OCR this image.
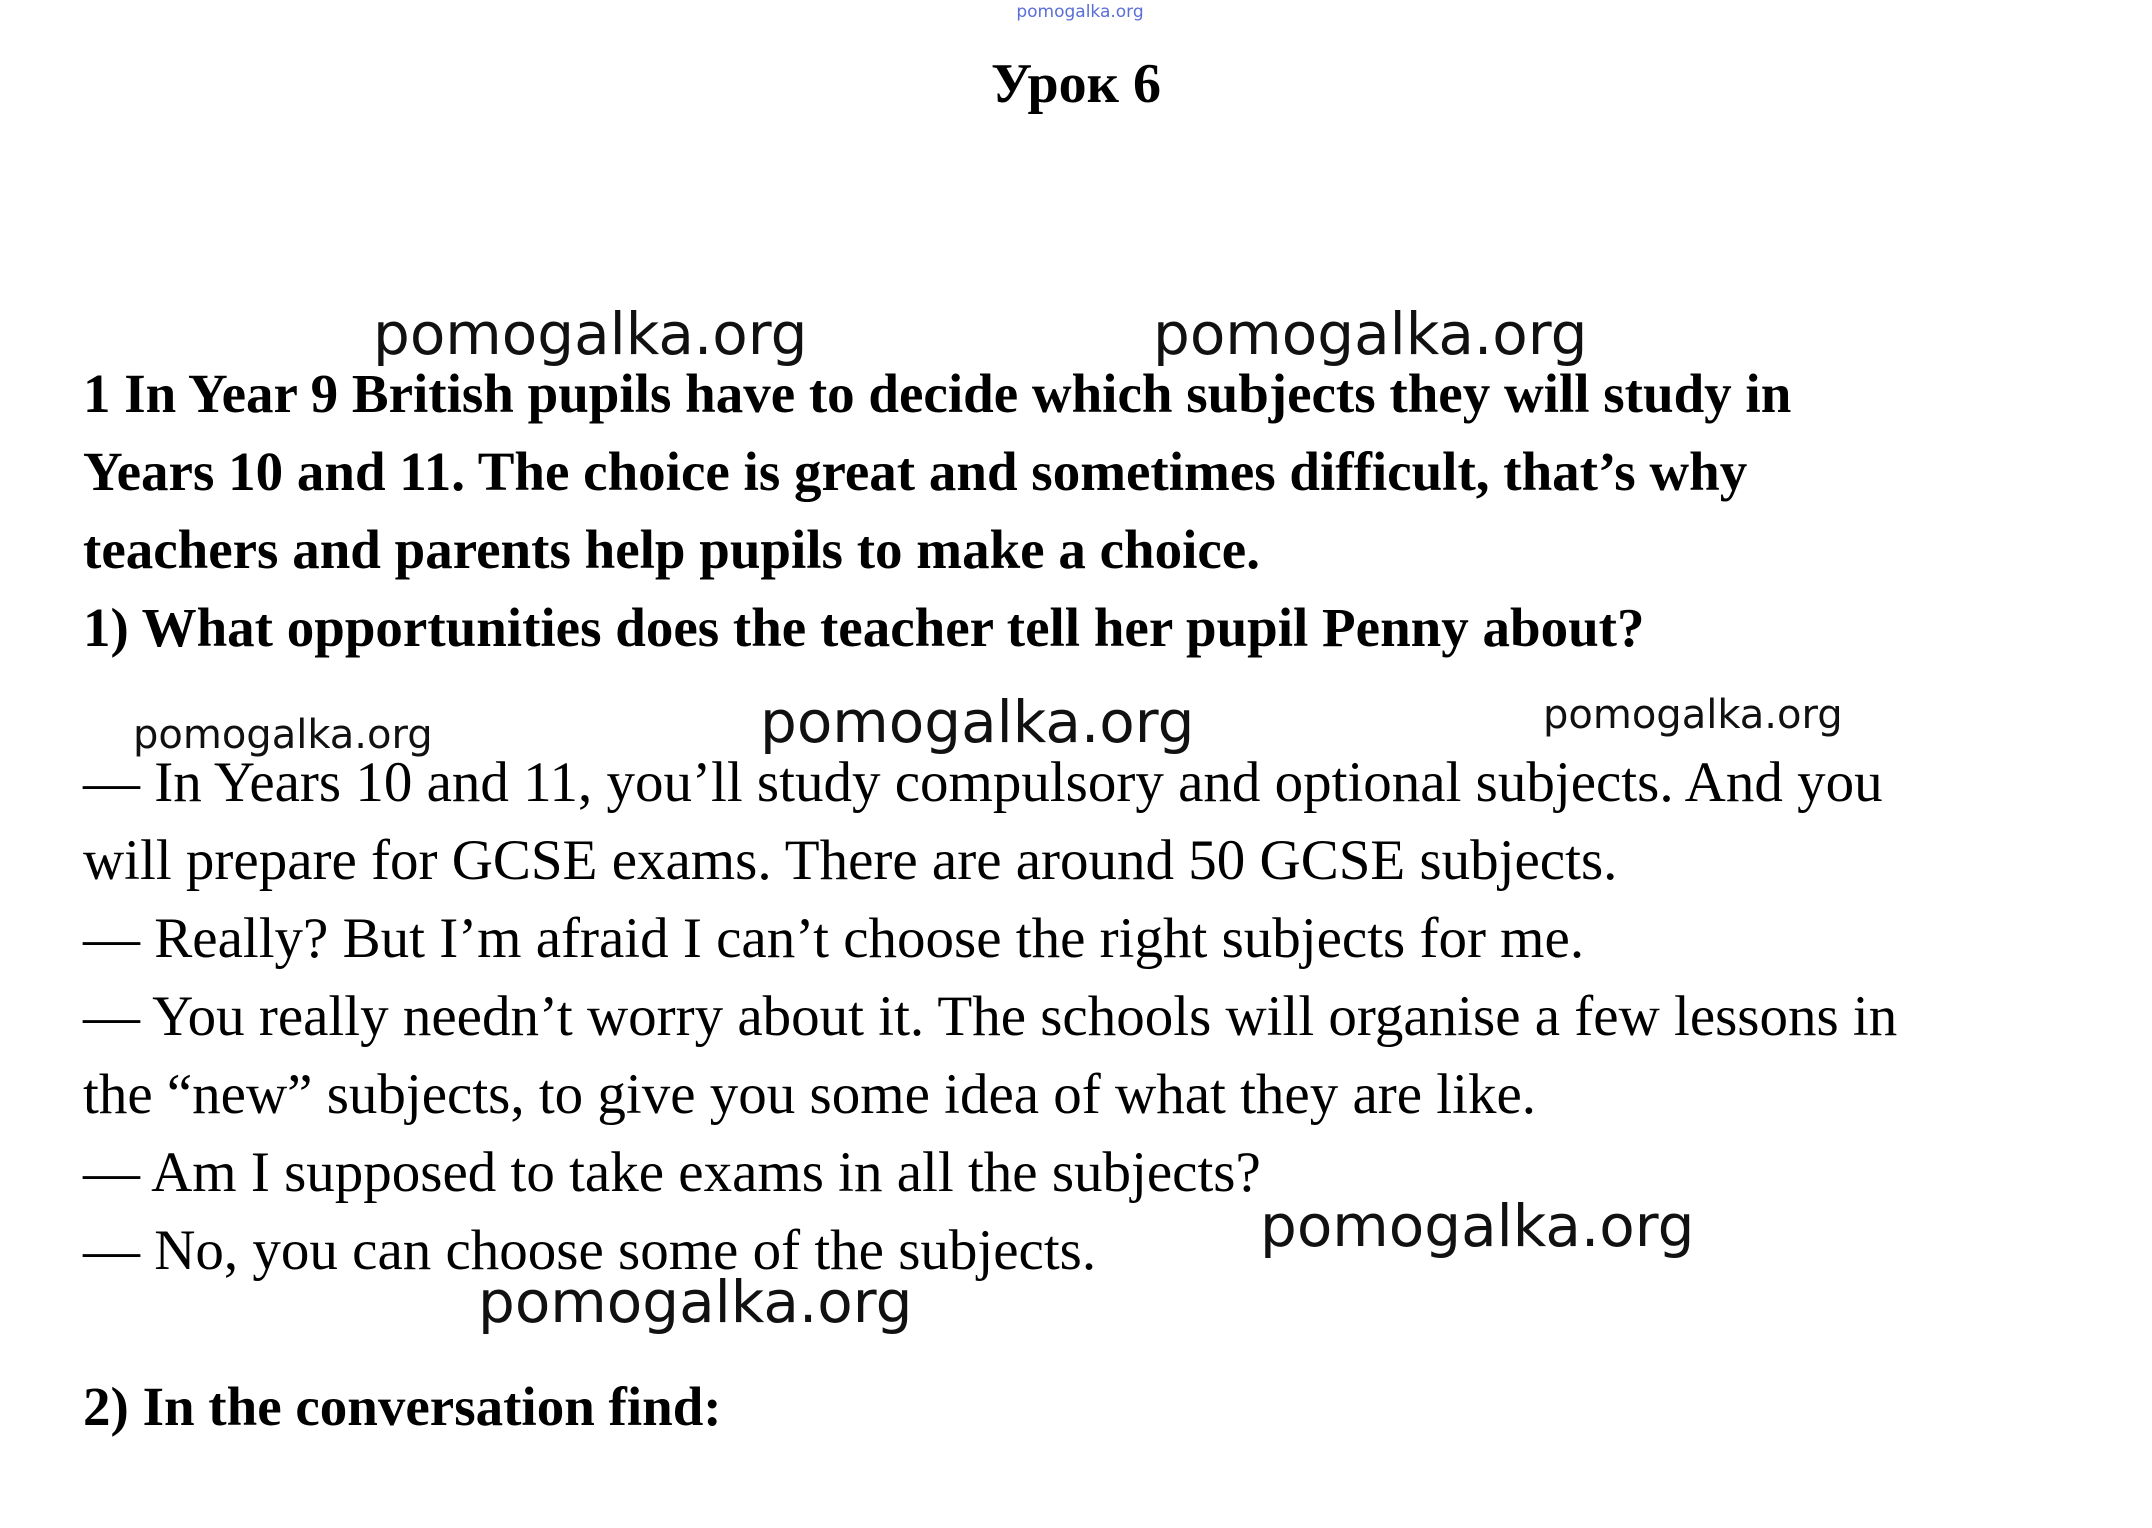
pomogalka.org
Урок 6
1 In Year 9 British pupils have to decide which subjects they will study in
Years 10 and 11. The choice is great and sometimes difficult, that’s why
teachers and parents help pupils to make a choice.
1) What opportunities does the teacher tell her pupil Penny about?
— In Years 10 and 11, you’ll study compulsory and optional subjects. And you
will prepare for GCSE exams. There are around 50 GCSE subjects.
— Really? But I’m afraid I can’t choose the right subjects for me.
— You really needn’t worry about it. The schools will organise a few lessons in
the “new” subjects, to give you some idea of what they are like.
— Am I supposed to take exams in all the subjects?
— No, you can choose some of the subjects.
2) In the conversation find:
pomogalka.org	pomogalka.org
pomogalka.org	pomogalka.org	pomogalka.org
pomogalka.org
pomogalka.org
